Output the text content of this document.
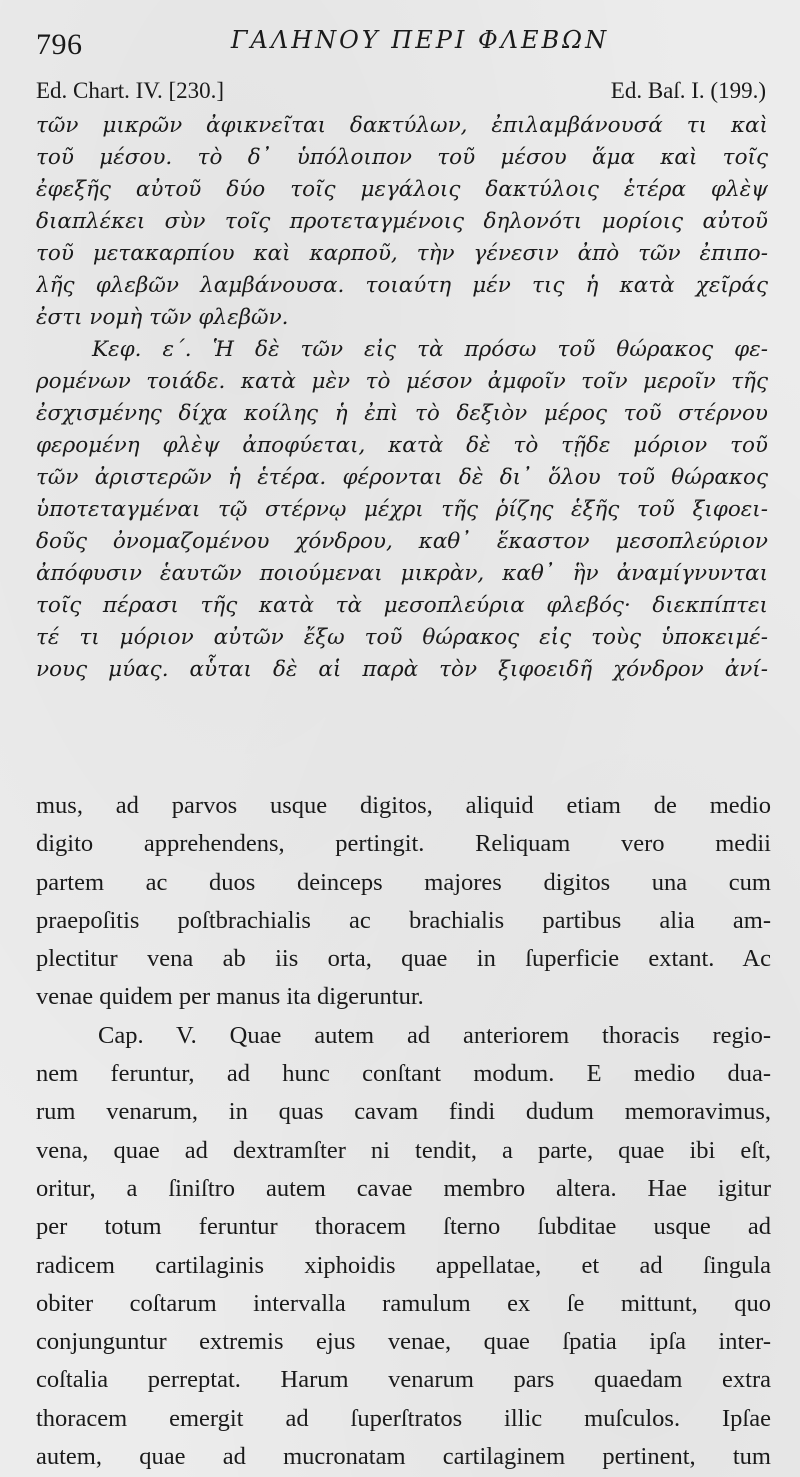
796	ΓΑΛΗΝΟΥ ΠΕΡΙ ΦΛΕΒΩΝ
Ed. Chart. IV. [230.]	Ed. Baſ. I. (199.)
τῶν μικρῶν ἀφικνεῖται δακτύλων, ἐπιλαμβάνουσά τι καὶ
τοῦ μέσου. τὸ δ᾽ ὑπόλοιπον τοῦ μέσου ἅμα καὶ τοῖς
ἐφεξῆς αὐτοῦ δύο τοῖς μεγάλοις δακτύλοις ἑτέρα φλὲψ
διαπλέκει σὺν τοῖς προτεταγμένοις δηλονότι μορίοις αὐτοῦ
τοῦ μετακαρπίου καὶ καρποῦ, τὴν γένεσιν ἀπὸ τῶν ἐπιπο-
λῆς φλεβῶν λαμβάνουσα. τοιαύτη μέν τις ἡ κατὰ χεῖράς
ἐστι νομὴ τῶν φλεβῶν.
Κεφ. ε΄. Ἡ δὲ τῶν εἰς τὰ πρόσω τοῦ θώρακος φε-
ρομένων τοιάδε. κατὰ μὲν τὸ μέσον ἀμφοῖν τοῖν μεροῖν τῆς
ἐσχισμένης δίχα κοίλης ἡ ἐπὶ τὸ δεξιὸν μέρος τοῦ στέρνου
φερομένη φλὲψ ἀποφύεται, κατὰ δὲ τὸ τῇδε μόριον τοῦ
τῶν ἀριστερῶν ἡ ἑτέρα. φέρονται δὲ δι᾽ ὅλου τοῦ θώρακος
ὑποτεταγμέναι τῷ στέρνῳ μέχρι τῆς ῥίζης ἑξῆς τοῦ ξιφοει-
δοῦς ὀνομαζομένου χόνδρου, καθ᾽ ἕκαστον μεσοπλεύριον
ἀπόφυσιν ἑαυτῶν ποιούμεναι μικρὰν, καθ᾽ ἣν ἀναμίγνυνται
τοῖς πέρασι τῆς κατὰ τὰ μεσοπλεύρια φλεβός· διεκπίπτει
τέ τι μόριον αὐτῶν ἔξω τοῦ θώρακος εἰς τοὺς ὑποκειμέ-
νους μύας. αὗται δὲ αἱ παρὰ τὸν ξιφοειδῆ χόνδρον ἀνί-
mus, ad parvos usque digitos, aliquid etiam de medio
digito apprehendens, pertingit. Reliquam vero medii
partem ac duos deinceps majores digitos una cum
praepoſitis poſtbrachialis ac brachialis partibus alia am-
plectitur vena ab iis orta, quae in ſuperficie extant. Ac
venae quidem per manus ita digeruntur.
Cap. V. Quae autem ad anteriorem thoracis regio-
nem feruntur, ad hunc conſtant modum. E medio dua-
rum venarum, in quas cavam findi dudum memoravimus,
vena, quae ad dextramſter ni tendit, a parte, quae ibi eſt,
oritur, a ſiniſtro autem cavae membro altera. Hae igitur
per totum feruntur thoracem ſterno ſubditae usque ad
radicem cartilaginis xiphoidis appellatae, et ad ſingula
obiter coſtarum intervalla ramulum ex ſe mittunt, quo
conjunguntur extremis ejus venae, quae ſpatia ipſa inter-
coſtalia perreptat. Harum venarum pars quaedam extra
thoracem emergit ad ſuperſtratos illic muſculos. Ipſae
autem, quae ad mucronatam cartilaginem pertinent, tum
